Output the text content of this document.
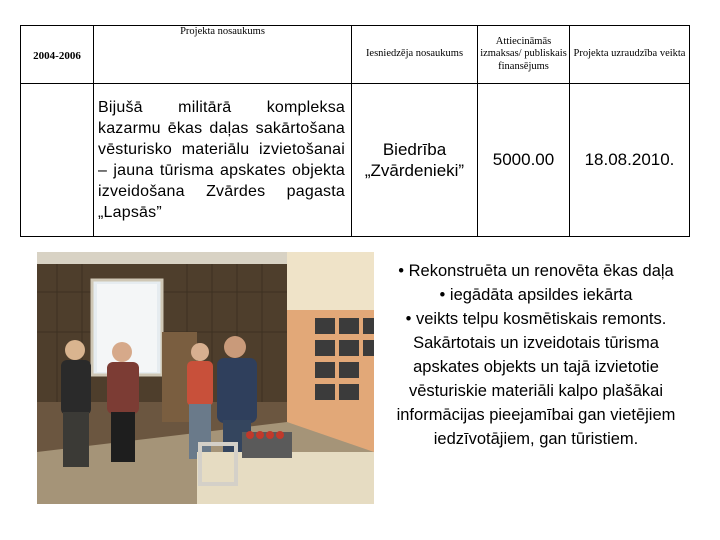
	Projekta nosaukums	Iesniedzēja nosaukums	Attiecināmās izmaksas/ publiskais finansējums	Projekta uzraudzība veikta
2004-2006	Bijušā militārā kompleksa kazarmu ēkas daļas sakārtošana vēsturisko materiālu izvietošanai – jauna tūrisma apskates objekta izveidošana Zvārdes pagasta „Lapsās”	Biedrība „Zvārdenieki”	5000.00	18.08.2010.
• Rekonstruēta un renovēta ēkas daļa
• iegādāta apsildes iekārta
• veikts telpu kosmētiskais remonts.
Sakārtotais un izveidotais tūrisma apskates objekts un tajā izvietotie vēsturiskie materiāli kalpo plašākai informācijas pieejamībai gan vietējiem iedzīvotājiem, gan tūristiem.
